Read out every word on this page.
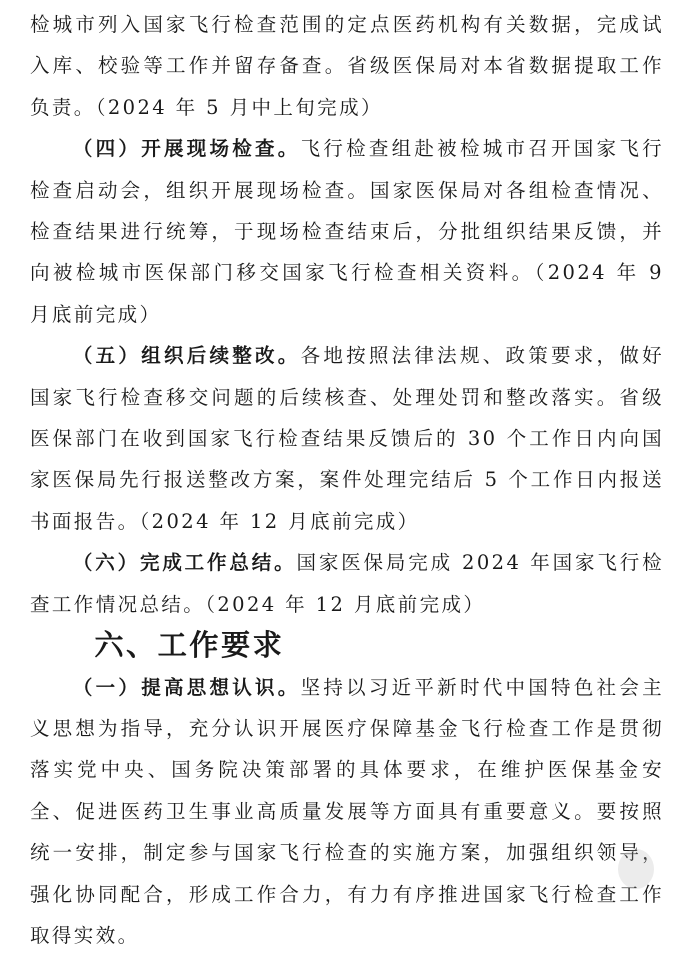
检城市列入国家飞行检查范围的定点医药机构有关数据，完成试入库、校验等工作并留存备查。省级医保局对本省数据提取工作负责。（2024 年 5 月中上旬完成）

（四）开展现场检查。飞行检查组赴被检城市召开国家飞行检查启动会，组织开展现场检查。国家医保局对各组检查情况、检查结果进行统筹，于现场检查结束后，分批组织结果反馈，并向被检城市医保部门移交国家飞行检查相关资料。（2024 年 9 月底前完成）

（五）组织后续整改。各地按照法律法规、政策要求，做好国家飞行检查移交问题的后续核查、处理处罚和整改落实。省级医保部门在收到国家飞行检查结果反馈后的 30 个工作日内向国家医保局先行报送整改方案，案件处理完结后 5 个工作日内报送书面报告。（2024 年 12 月底前完成）

（六）完成工作总结。国家医保局完成 2024 年国家飞行检查工作情况总结。（2024 年 12 月底前完成）

六、工作要求

（一）提高思想认识。坚持以习近平新时代中国特色社会主义思想为指导，充分认识开展医疗保障基金飞行检查工作是贯彻落实党中央、国务院决策部署的具体要求，在维护医保基金安全、促进医药卫生事业高质量发展等方面具有重要意义。要按照统一安排，制定参与国家飞行检查的实施方案，加强组织领导，强化协同配合，形成工作合力，有力有序推进国家飞行检查工作取得实效。
